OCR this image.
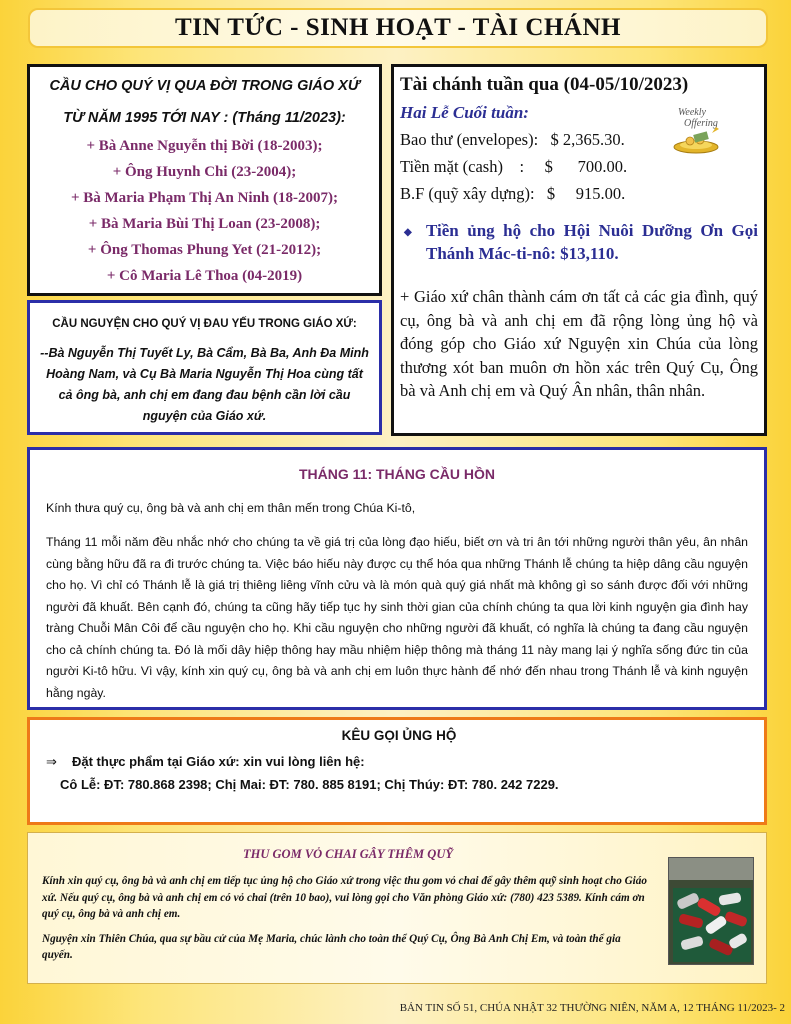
TIN TỨC - SINH HOẠT - TÀI CHÁNH
CẦU CHO QUÝ VỊ QUA ĐỜI TRONG GIÁO XỨ
TỪ NĂM 1995 TỚI NAY : (Tháng 11/2023):
+ Bà Anne Nguyễn thị Bời (18-2003);
+ Ông Huynh Chi (23-2004);
+ Bà Maria Phạm Thị An Ninh (18-2007);
+ Bà Maria Bùi Thị Loan (23-2008);
+ Ông Thomas Phung Yet (21-2012);
+ Cô Maria Lê Thoa (04-2019)
CẦU NGUYỆN CHO QUÝ VỊ ĐAU YẾU TRONG GIÁO XỨ:
--Bà Nguyễn Thị Tuyết Ly, Bà Cẩm, Bà Ba, Anh Đa Minh Hoàng Nam, và Cụ Bà Maria Nguyễn Thị Hoa cùng tất cả ông bà, anh chị em đang đau bệnh cần lời cầu nguyện của Giáo xứ.
Tài chánh tuần qua (04-05/10/2023)
Hai Lễ Cuối tuần:
Bao thư (envelopes):   $ 2,365.30.
Tiền mặt (cash)    :     $      700.00.
B.F (quỹ xây dựng):   $     915.00.
Weekly
Offering
◆ Tiền ủng hộ cho Hội Nuôi Dưỡng Ơn Gọi Thánh Mác-ti-nô: $13,110.
+ Giáo xứ chân thành cám ơn tất cả các gia đình, quý cụ, ông bà và anh chị em đã rộng lòng ủng hộ và đóng góp cho Giáo xứ Nguyện xin Chúa của lòng thương xót ban muôn ơn hồn xác trên Quý Cụ, Ông bà và Anh chị em và Quý Ân nhân, thân nhân.
THÁNG 11: THÁNG CẦU HỒN
Kính thưa quý cụ, ông bà và anh chị em thân mến trong Chúa Ki-tô,
Tháng 11 mỗi năm đều nhắc nhớ cho chúng ta về giá trị của lòng đạo hiếu, biết ơn và tri ân tới những người thân yêu, ân nhân cùng bằng hữu đã ra đi trước chúng ta. Việc báo hiếu này được cụ thể hóa qua những Thánh lễ chúng ta hiệp dâng cầu nguyện cho họ. Vì chỉ có Thánh lễ là giá trị thiêng liêng vĩnh cửu và là món quà quý giá nhất mà không gì so sánh được đối với những người đã khuất. Bên cạnh đó, chúng ta cũng hãy tiếp tục hy sinh thời gian của chính chúng ta qua lời kinh nguyện gia đình hay tràng Chuỗi Mân Côi để cầu nguyện cho họ. Khi cầu nguyện cho những người đã khuất, có nghĩa là chúng ta đang cầu nguyện cho cả chính chúng ta. Đó là mối dây hiệp thông hay mầu nhiệm hiệp thông mà tháng 11 này mang lại ý nghĩa sống đức tin của người Ki-tô hữu. Vì vậy, kính xin quý cụ, ông bà và anh chị em luôn thực hành để nhớ đến nhau trong Thánh lễ và kinh nguyện hằng ngày.
KÊU GỌI ỦNG HỘ
⇒	Đặt thực phẩm tại Giáo xứ: xin vui lòng liên hệ:
Cô Lễ: ĐT: 780.868 2398; Chị Mai: ĐT: 780. 885 8191; Chị Thúy: ĐT: 780. 242 7229.
THU GOM VỎ CHAI GÂY THÊM QUỸ
Kính xin quý cụ, ông bà và anh chị em tiếp tục ủng hộ cho Giáo xứ trong việc thu gom vỏ chai để gây thêm quỹ sinh hoạt cho Giáo xứ. Nếu quý cụ, ông bà và anh chị em có vỏ chai (trên 10 bao), vui lòng gọi cho Văn phòng Giáo xứ: (780) 423 5389. Kính cám ơn quý cụ, ông bà và anh chị em.
Nguyện xin Thiên Chúa, qua sự bầu cử của Mẹ Maria, chúc lành cho toàn thể Quý Cụ, Ông Bà Anh Chị Em, và toàn thể gia quyến.
BẢN TIN SỐ 51, CHÚA NHẬT 32 THƯỜNG NIÊN, NĂM A, 12 THÁNG 11/2023- 2
